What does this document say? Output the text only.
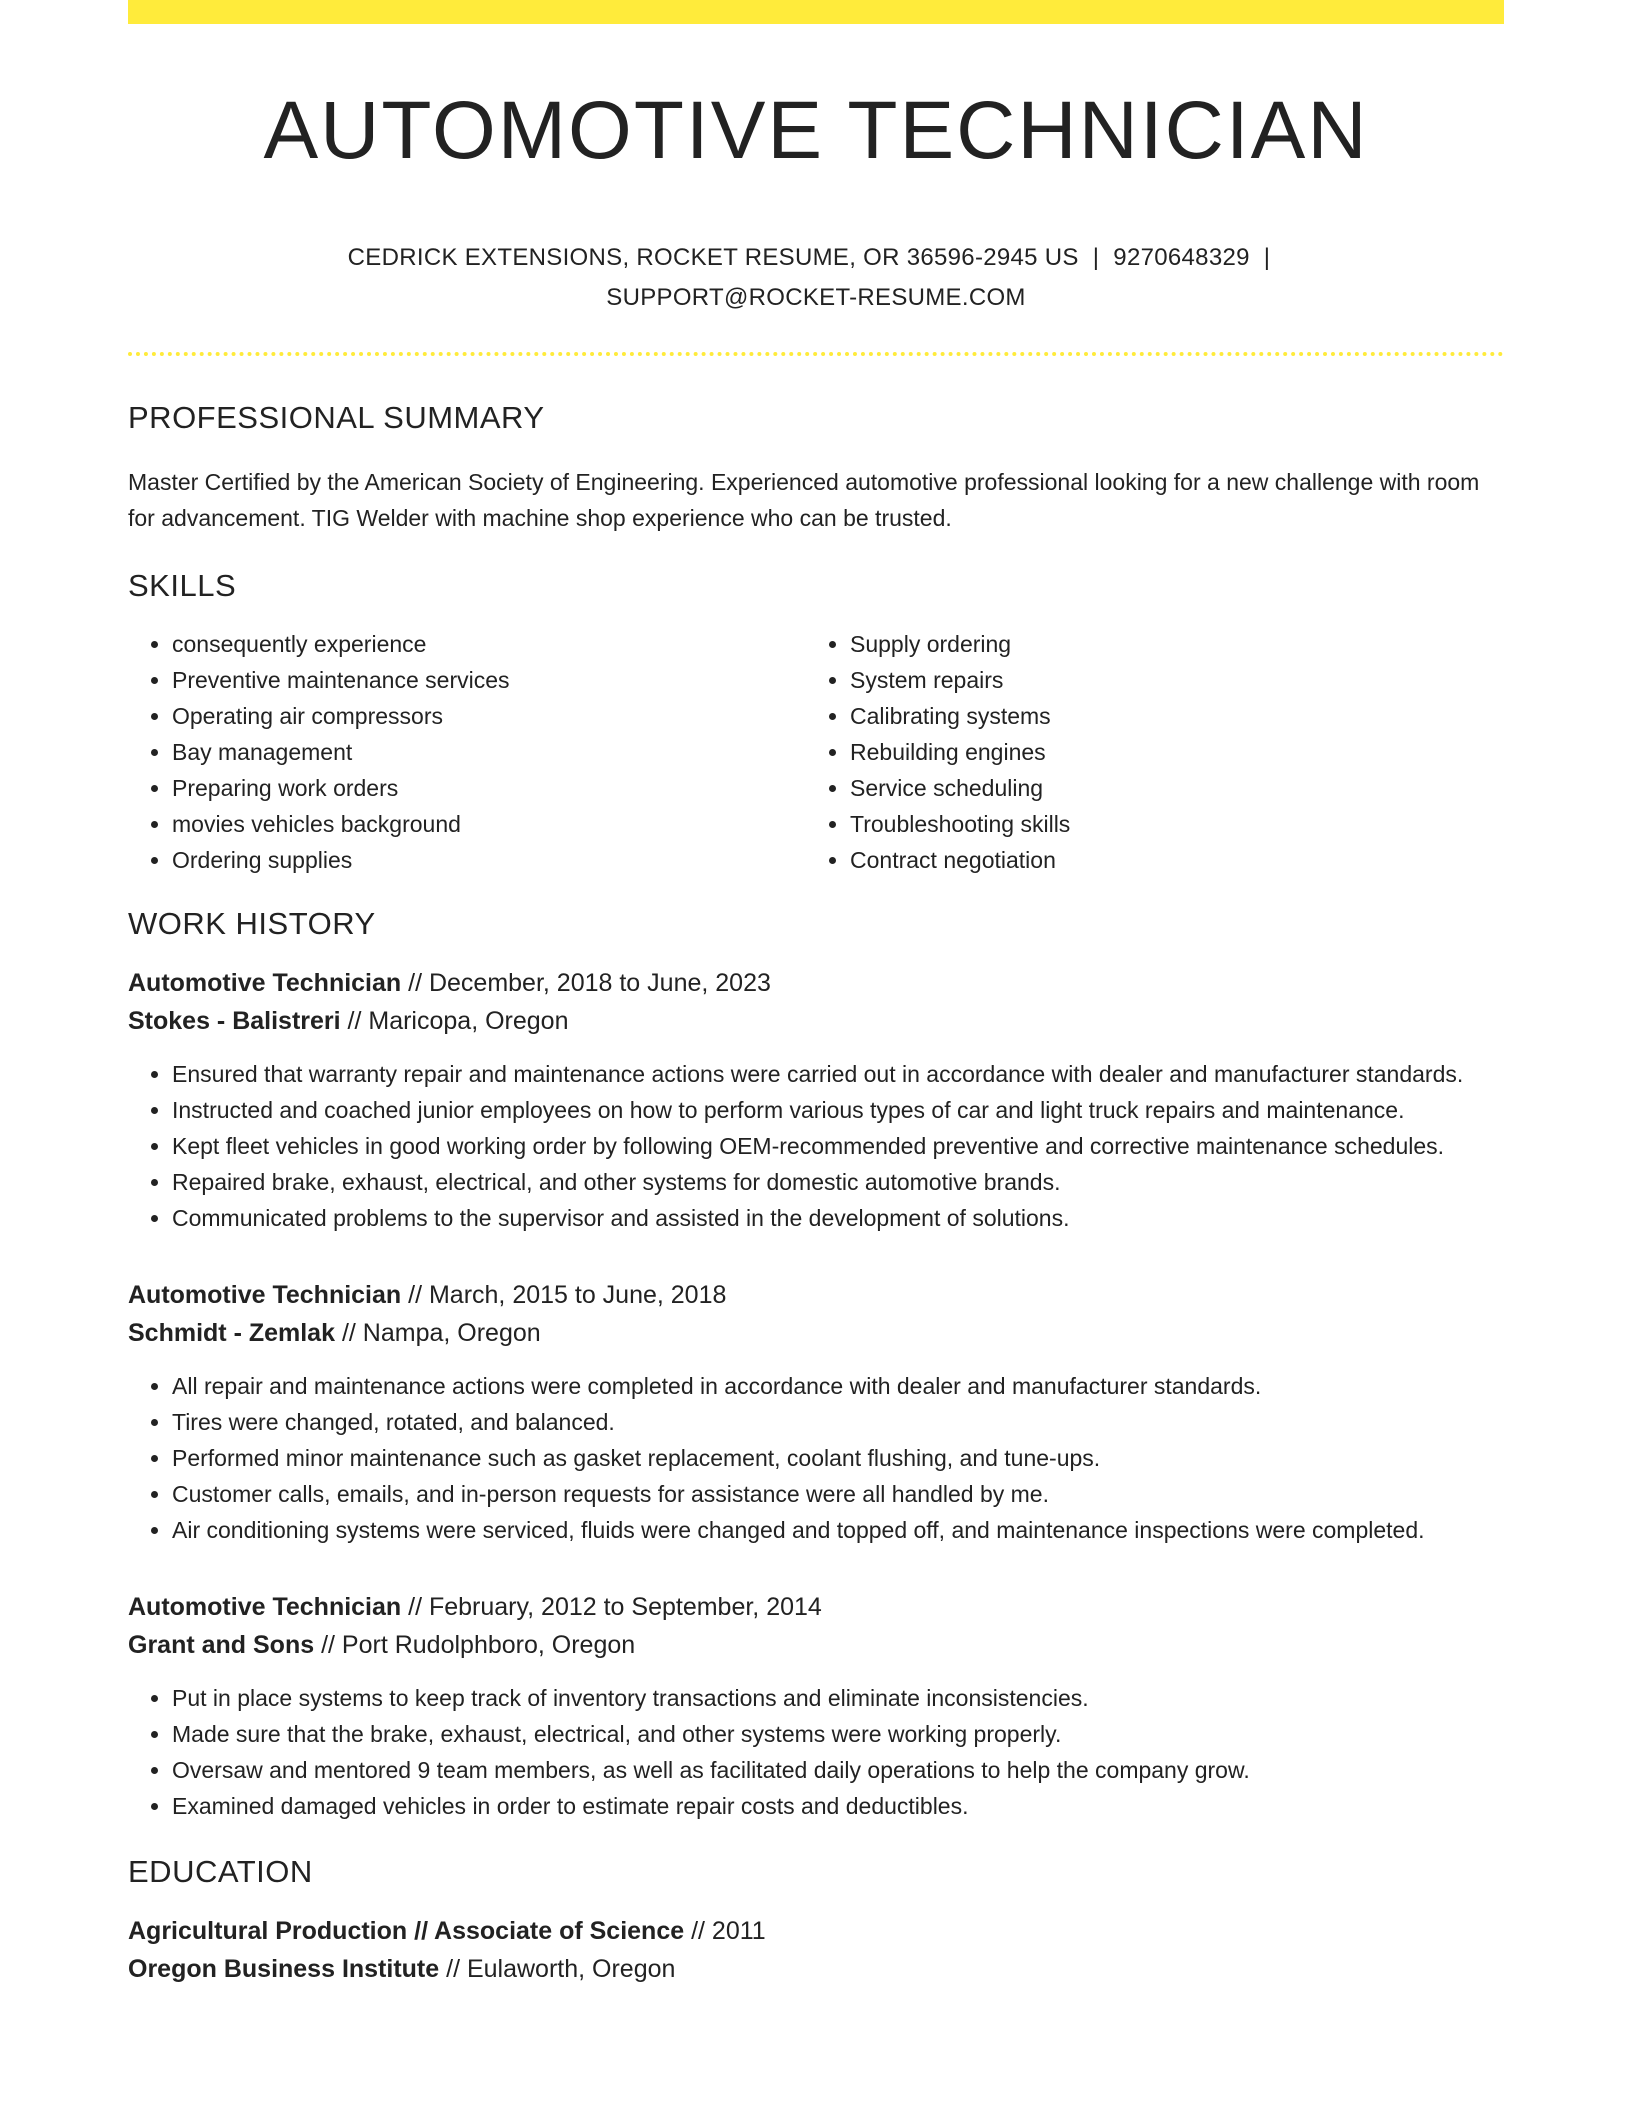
AUTOMOTIVE TECHNICIAN
CEDRICK EXTENSIONS, ROCKET RESUME, OR 36596-2945 US | 9270648329 |
SUPPORT@ROCKET-RESUME.COM
PROFESSIONAL SUMMARY

Master Certified by the American Society of Engineering. Experienced automotive professional looking for a new challenge with room for advancement. TIG Welder with machine shop experience who can be trusted.

SKILLS
• consequently experience
• Preventive maintenance services
• Operating air compressors
• Bay management
• Preparing work orders
• movies vehicles background
• Ordering supplies
• Supply ordering
• System repairs
• Calibrating systems
• Rebuilding engines
• Service scheduling
• Troubleshooting skills
• Contract negotiation
WORK HISTORY
Automotive Technician // December, 2018 to June, 2023
Stokes - Balistreri // Maricopa, Oregon
• Ensured that warranty repair and maintenance actions were carried out in accordance with dealer and manufacturer standards.
• Instructed and coached junior employees on how to perform various types of car and light truck repairs and maintenance.
• Kept fleet vehicles in good working order by following OEM-recommended preventive and corrective maintenance schedules.
• Repaired brake, exhaust, electrical, and other systems for domestic automotive brands.
• Communicated problems to the supervisor and assisted in the development of solutions.
Automotive Technician // March, 2015 to June, 2018
Schmidt - Zemlak // Nampa, Oregon
• All repair and maintenance actions were completed in accordance with dealer and manufacturer standards.
• Tires were changed, rotated, and balanced.
• Performed minor maintenance such as gasket replacement, coolant flushing, and tune-ups.
• Customer calls, emails, and in-person requests for assistance were all handled by me.
• Air conditioning systems were serviced, fluids were changed and topped off, and maintenance inspections were completed.
Automotive Technician // February, 2012 to September, 2014
Grant and Sons // Port Rudolphboro, Oregon
• Put in place systems to keep track of inventory transactions and eliminate inconsistencies.
• Made sure that the brake, exhaust, electrical, and other systems were working properly.
• Oversaw and mentored 9 team members, as well as facilitated daily operations to help the company grow.
• Examined damaged vehicles in order to estimate repair costs and deductibles.
EDUCATION
Agricultural Production // Associate of Science // 2011
Oregon Business Institute // Eulaworth, Oregon
